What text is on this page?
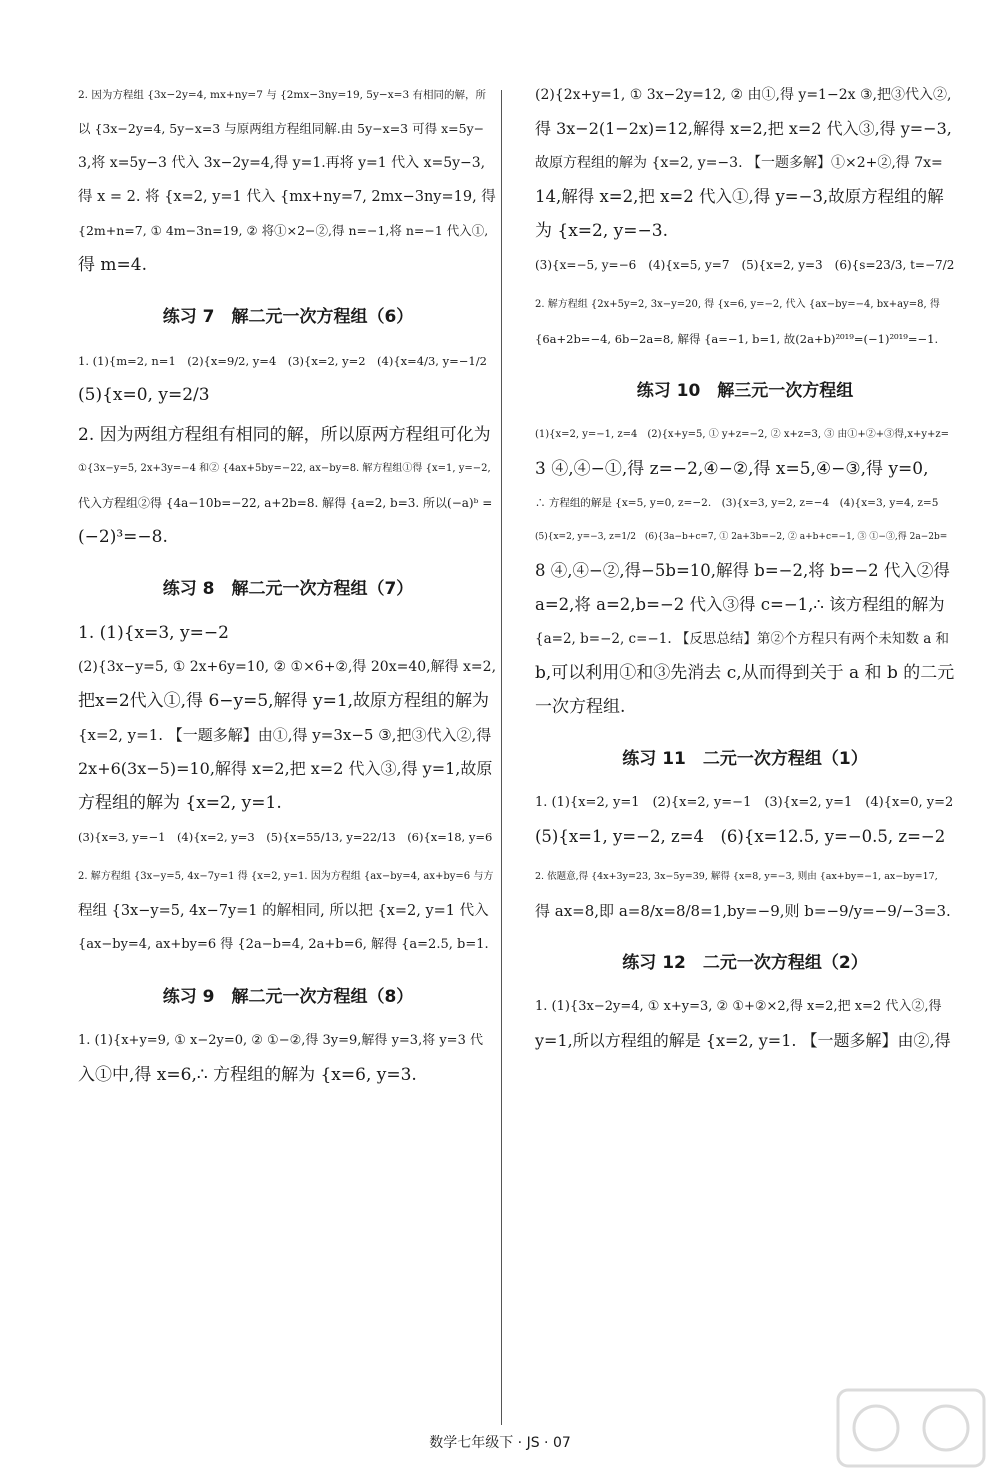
2. 因为方程组 {3x−2y=4, mx+ny=7 与 {2mx−3ny=19, 5y−x=3 有相同的解，所
以 {3x−2y=4, 5y−x=3 与原两组方程组同解.由 5y−x=3 可得 x=5y−
3,将 x=5y−3 代入 3x−2y=4,得 y=1.再将 y=1 代入 x=5y−3,
得 x = 2. 将 {x=2, y=1 代入 {mx+ny=7, 2mx−3ny=19, 得
{2m+n=7, ① 4m−3n=19, ② 将①×2−②,得 n=−1,将 n=−1 代入①,
得 m=4.
练习 7　解二元一次方程组（6）
1. (1){m=2, n=1　(2){x=9/2, y=4　(3){x=2, y=2　(4){x=4/3, y=−1/2
(5){x=0, y=2/3
2. 因为两组方程组有相同的解，所以原两方程组可化为
①{3x−y=5, 2x+3y=−4 和② {4ax+5by=−22, ax−by=8. 解方程组①得 {x=1, y=−2,
代入方程组②得 {4a−10b=−22, a+2b=8. 解得 {a=2, b=3. 所以(−a)ᵇ =
(−2)³=−8.
练习 8　解二元一次方程组（7）
1. (1){x=3, y=−2
(2){3x−y=5, ① 2x+6y=10, ② ①×6+②,得 20x=40,解得 x=2,
把x=2代入①,得 6−y=5,解得 y=1,故原方程组的解为
{x=2, y=1. 【一题多解】由①,得 y=3x−5 ③,把③代入②,得
2x+6(3x−5)=10,解得 x=2,把 x=2 代入③,得 y=1,故原
方程组的解为 {x=2, y=1.
(3){x=3, y=−1　(4){x=2, y=3　(5){x=55/13, y=22/13　(6){x=18, y=6
2. 解方程组 {3x−y=5, 4x−7y=1 得 {x=2, y=1. 因为方程组 {ax−by=4, ax+by=6 与方
程组 {3x−y=5, 4x−7y=1 的解相同, 所以把 {x=2, y=1 代入
{ax−by=4, ax+by=6 得 {2a−b=4, 2a+b=6, 解得 {a=2.5, b=1.
练习 9　解二元一次方程组（8）
1. (1){x+y=9, ① x−2y=0, ② ①−②,得 3y=9,解得 y=3,将 y=3 代
入①中,得 x=6,∴ 方程组的解为 {x=6, y=3.
(2){2x+y=1, ① 3x−2y=12, ② 由①,得 y=1−2x ③,把③代入②,
得 3x−2(1−2x)=12,解得 x=2,把 x=2 代入③,得 y=−3,
故原方程组的解为 {x=2, y=−3. 【一题多解】①×2+②,得 7x=
14,解得 x=2,把 x=2 代入①,得 y=−3,故原方程组的解
为 {x=2, y=−3.
(3){x=−5, y=−6　(4){x=5, y=7　(5){x=2, y=3　(6){s=23/3, t=−7/2
2. 解方程组 {2x+5y=2, 3x−y=20, 得 {x=6, y=−2, 代入 {ax−by=−4, bx+ay=8, 得
{6a+2b=−4, 6b−2a=8, 解得 {a=−1, b=1, 故(2a+b)²⁰¹⁹=(−1)²⁰¹⁹=−1.
练习 10　解三元一次方程组
(1){x=2, y=−1, z=4　(2){x+y=5, ① y+z=−2, ② x+z=3, ③ 由①+②+③得,x+y+z=
3 ④,④−①,得 z=−2,④−②,得 x=5,④−③,得 y=0,
∴ 方程组的解是 {x=5, y=0, z=−2.　(3){x=3, y=2, z=−4　(4){x=3, y=4, z=5
(5){x=2, y=−3, z=1/2　(6){3a−b+c=7, ① 2a+3b=−2, ② a+b+c=−1, ③ ①−③,得 2a−2b=
8 ④,④−②,得−5b=10,解得 b=−2,将 b=−2 代入②得
a=2,将 a=2,b=−2 代入③得 c=−1,∴ 该方程组的解为
{a=2, b=−2, c=−1. 【反思总结】第②个方程只有两个未知数 a 和
b,可以利用①和③先消去 c,从而得到关于 a 和 b 的二元
一次方程组.
练习 11　二元一次方程组（1）
1. (1){x=2, y=1　(2){x=2, y=−1　(3){x=2, y=1　(4){x=0, y=2
(5){x=1, y=−2, z=4　(6){x=12.5, y=−0.5, z=−2
2. 依题意,得 {4x+3y=23, 3x−5y=39, 解得 {x=8, y=−3, 则由 {ax+by=−1, ax−by=17,
得 ax=8,即 a=8/x=8/8=1,by=−9,则 b=−9/y=−9/−3=3.
练习 12　二元一次方程组（2）
1. (1){3x−2y=4, ① x+y=3, ② ①+②×2,得 x=2,把 x=2 代入②,得
y=1,所以方程组的解是 {x=2, y=1. 【一题多解】由②,得
数学七年级下 · JS · 07
